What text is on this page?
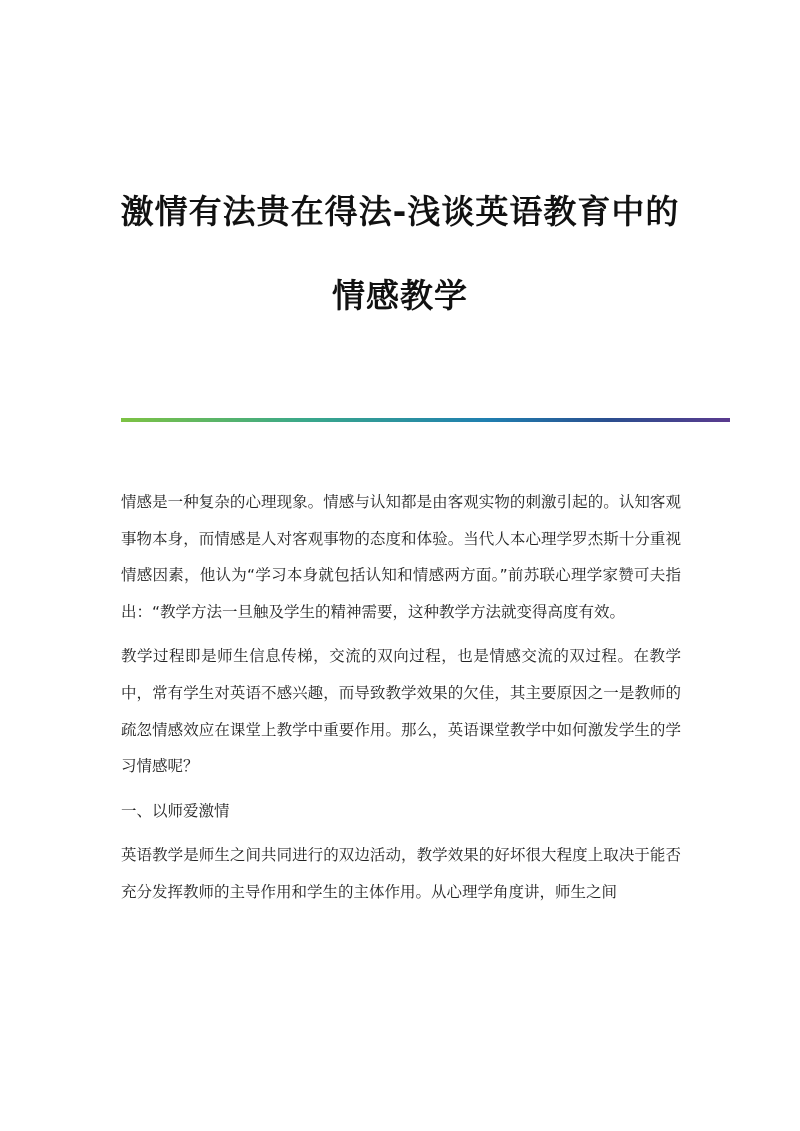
激情有法贵在得法-浅谈英语教育中的
情感教学

情感是一种复杂的心理现象。情感与认知都是由客观实物的刺激引起的。认知客观事物本身，而情感是人对客观事物的态度和体验。当代人本心理学罗杰斯十分重视情感因素，他认为“学习本身就包括认知和情感两方面。”前苏联心理学家赞可夫指出：“教学方法一旦触及学生的精神需要，这种教学方法就变得高度有效。

教学过程即是师生信息传梯，交流的双向过程，也是情感交流的双过程。在教学中，常有学生对英语不感兴趣，而导致教学效果的欠佳，其主要原因之一是教师的疏忽情感效应在课堂上教学中重要作用。那么，英语课堂教学中如何激发学生的学习情感呢？

一、以师爱激情

英语教学是师生之间共同进行的双边活动，教学效果的好坏很大程度上取决于能否充分发挥教师的主导作用和学生的主体作用。从心理学角度讲，师生之间
